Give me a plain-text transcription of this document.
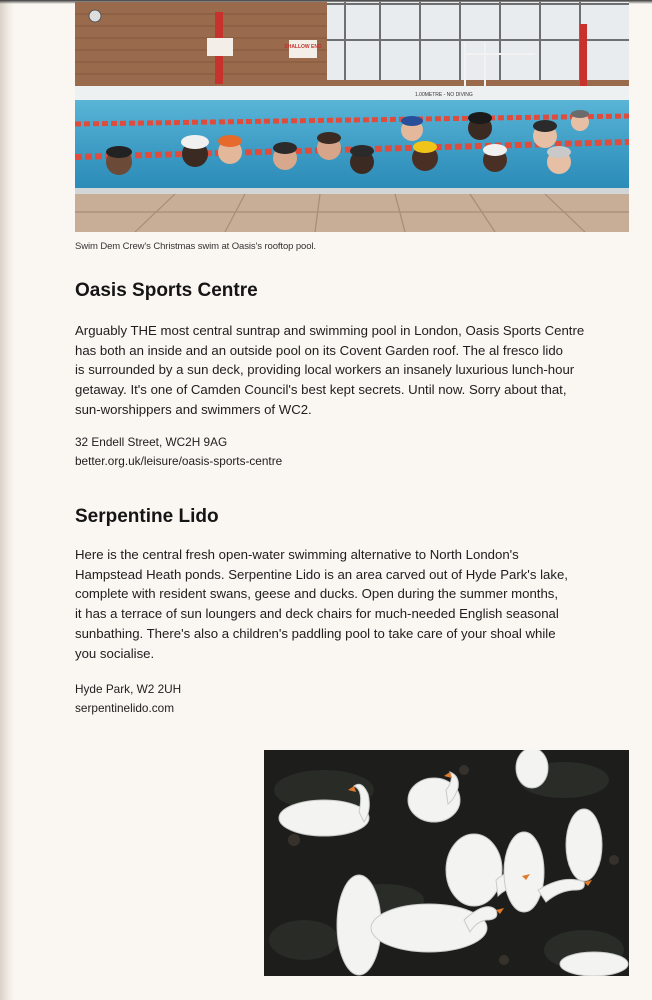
SHALLOW END
1.00METRE - NO DIVING
Swim Dem Crew's Christmas swim at Oasis's rooftop pool.
Oasis Sports Centre

Arguably THE most central suntrap and swimming pool in London, Oasis Sports Centre
has both an inside and an outside pool on its Covent Garden roof. The al fresco lido
is surrounded by a sun deck, providing local workers an insanely luxurious lunch-hour
getaway. It's one of Camden Council's best kept secrets. Until now. Sorry about that,
sun-worshippers and swimmers of WC2.

32 Endell Street, WC2H 9AG
better.org.uk/leisure/oasis-sports-centre
Serpentine Lido

Here is the central fresh open-water swimming alternative to North London's
Hampstead Heath ponds. Serpentine Lido is an area carved out of Hyde Park's lake,
complete with resident swans, geese and ducks. Open during the summer months,
it has a terrace of sun loungers and deck chairs for much-needed English seasonal
sunbathing. There's also a children's paddling pool to take care of your shoal while
you socialise.

Hyde Park, W2 2UH
serpentinelido.com
